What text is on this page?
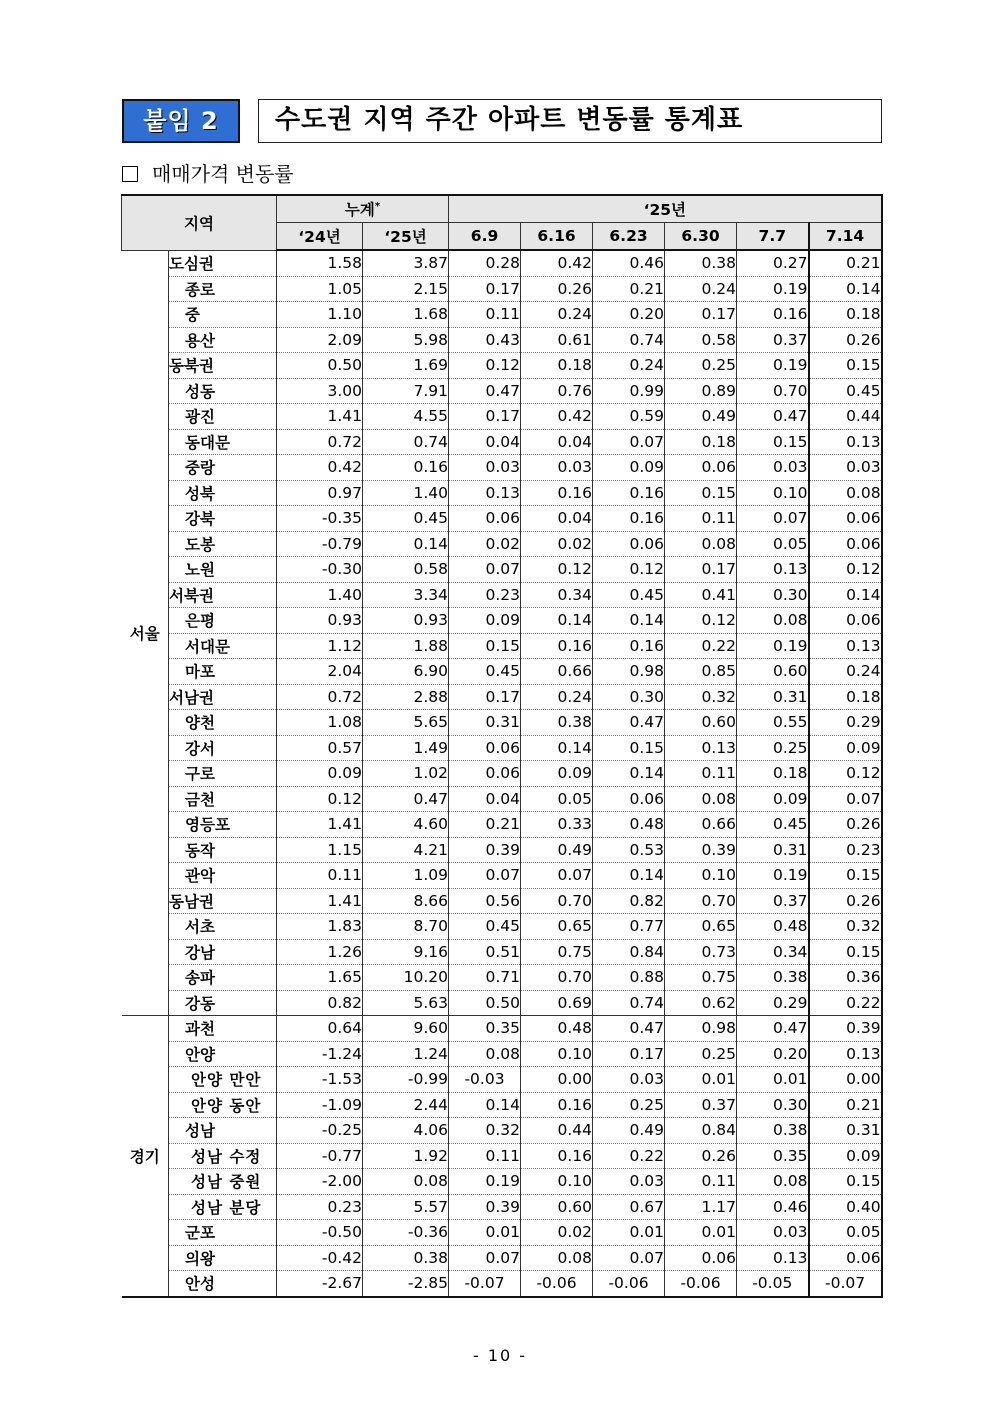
붙임 2	수도권 지역 주간 아파트 변동률 통계표
매매가격 변동률
지역		누계*		‘25년					
		‘24년	‘25년	6.9	6.16	6.23	6.30	7.7	7.14
서울	도심권	1.58	3.87	0.28	0.42	0.46	0.38	0.27	0.21
	종로	1.05	2.15	0.17	0.26	0.21	0.24	0.19	0.14
	중	1.10	1.68	0.11	0.24	0.20	0.17	0.16	0.18
	용산	2.09	5.98	0.43	0.61	0.74	0.58	0.37	0.26
	동북권	0.50	1.69	0.12	0.18	0.24	0.25	0.19	0.15
	성동	3.00	7.91	0.47	0.76	0.99	0.89	0.70	0.45
	광진	1.41	4.55	0.17	0.42	0.59	0.49	0.47	0.44
	동대문	0.72	0.74	0.04	0.04	0.07	0.18	0.15	0.13
	중랑	0.42	0.16	0.03	0.03	0.09	0.06	0.03	0.03
	성북	0.97	1.40	0.13	0.16	0.16	0.15	0.10	0.08
	강북	-0.35	0.45	0.06	0.04	0.16	0.11	0.07	0.06
	도봉	-0.79	0.14	0.02	0.02	0.06	0.08	0.05	0.06
	노원	-0.30	0.58	0.07	0.12	0.12	0.17	0.13	0.12
	서북권	1.40	3.34	0.23	0.34	0.45	0.41	0.30	0.14
	은평	0.93	0.93	0.09	0.14	0.14	0.12	0.08	0.06
	서대문	1.12	1.88	0.15	0.16	0.16	0.22	0.19	0.13
	마포	2.04	6.90	0.45	0.66	0.98	0.85	0.60	0.24
	서남권	0.72	2.88	0.17	0.24	0.30	0.32	0.31	0.18
	양천	1.08	5.65	0.31	0.38	0.47	0.60	0.55	0.29
	강서	0.57	1.49	0.06	0.14	0.15	0.13	0.25	0.09
	구로	0.09	1.02	0.06	0.09	0.14	0.11	0.18	0.12
	금천	0.12	0.47	0.04	0.05	0.06	0.08	0.09	0.07
	영등포	1.41	4.60	0.21	0.33	0.48	0.66	0.45	0.26
	동작	1.15	4.21	0.39	0.49	0.53	0.39	0.31	0.23
	관악	0.11	1.09	0.07	0.07	0.14	0.10	0.19	0.15
	동남권	1.41	8.66	0.56	0.70	0.82	0.70	0.37	0.26
	서초	1.83	8.70	0.45	0.65	0.77	0.65	0.48	0.32
	강남	1.26	9.16	0.51	0.75	0.84	0.73	0.34	0.15
	송파	1.65	10.20	0.71	0.70	0.88	0.75	0.38	0.36
	강동	0.82	5.63	0.50	0.69	0.74	0.62	0.29	0.22
경기	과천	0.64	9.60	0.35	0.48	0.47	0.98	0.47	0.39
	안양	-1.24	1.24	0.08	0.10	0.17	0.25	0.20	0.13
	안양 만안	-1.53	-0.99	-0.03	0.00	0.03	0.01	0.01	0.00
	안양 동안	-1.09	2.44	0.14	0.16	0.25	0.37	0.30	0.21
	성남	-0.25	4.06	0.32	0.44	0.49	0.84	0.38	0.31
	성남 수정	-0.77	1.92	0.11	0.16	0.22	0.26	0.35	0.09
	성남 중원	-2.00	0.08	0.19	0.10	0.03	0.11	0.08	0.15
	성남 분당	0.23	5.57	0.39	0.60	0.67	1.17	0.46	0.40
	군포	-0.50	-0.36	0.01	0.02	0.01	0.01	0.03	0.05
	의왕	-0.42	0.38	0.07	0.08	0.07	0.06	0.13	0.06
	안성	-2.67	-2.85	-0.07	-0.06	-0.06	-0.06	-0.05	-0.07
- 10 -
